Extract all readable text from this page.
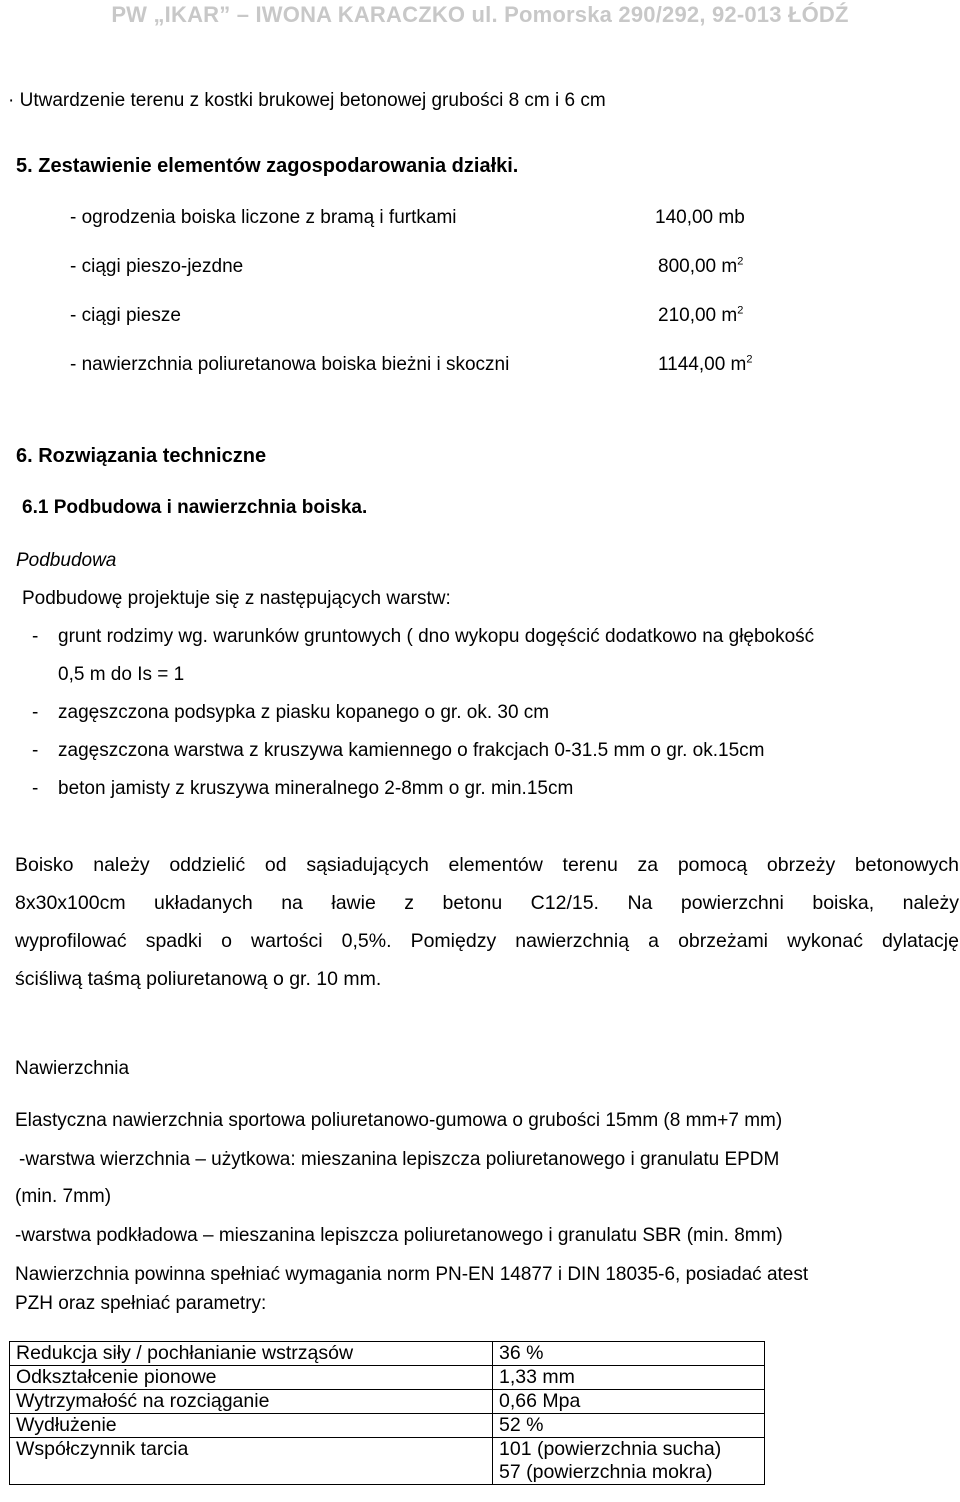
PW „IKAR” – IWONA KARACZKO ul. Pomorska 290/292, 92-013 ŁÓDŹ
· Utwardzenie terenu z kostki brukowej betonowej grubości 8 cm i 6 cm
5. Zestawienie elementów zagospodarowania działki.
- ogrodzenia boiska liczone z bramą i furtkami	140,00 mb
- ciągi pieszo-jezdne	800,00 $m^2$
- ciągi piesze	210,00 $m^2$
- nawierzchnia poliuretanowa boiska bieżni i skoczni	1144,00 $m^2$
6. Rozwiązania techniczne
6.1 Podbudowa i nawierzchnia boiska.
Podbudowa
Podbudowę projektuje się z następujących warstw:
- grunt rodzimy wg. warunków gruntowych ( dno wykopu dogęścić dodatkowo na głębokość
0,5 m do Is = 1
- zagęszczona podsypka z piasku kopanego o gr. ok. 30 cm
- zagęszczona warstwa z kruszywa kamiennego o frakcjach 0-31.5 mm o gr. ok.15cm
- beton jamisty z kruszywa mineralnego 2-8mm o gr. min.15cm
Boisko należy oddzielić od sąsiadujących elementów terenu za pomocą obrzeży betonowych
8x30x100cm układanych na ławie z betonu C12/15. Na powierzchni boiska, należy
wyprofilować spadki o wartości 0,5%. Pomiędzy nawierzchnią a obrzeżami wykonać dylatację
ściśliwą taśmą poliuretanową o gr. 10 mm.
Nawierzchnia
Elastyczna nawierzchnia sportowa poliuretanowo-gumowa o grubości 15mm (8 mm+7 mm)
-warstwa wierzchnia – użytkowa: mieszanina lepiszcza poliuretanowego i granulatu EPDM
(min. 7mm)
-warstwa podkładowa – mieszanina lepiszcza poliuretanowego i granulatu SBR (min. 8mm)
Nawierzchnia powinna spełniać wymagania norm PN-EN 14877 i DIN 18035-6, posiadać atest
PZH oraz spełniać parametry:
Redukcja siły / pochłanianie wstrząsów	36 %
Odkształcenie pionowe	1,33 mm
Wytrzymałość na rozciąganie	0,66 Mpa
Wydłużenie	52 %
Współczynnik tarcia	101 (powierzchnia sucha)
57 (powierzchnia mokra)
